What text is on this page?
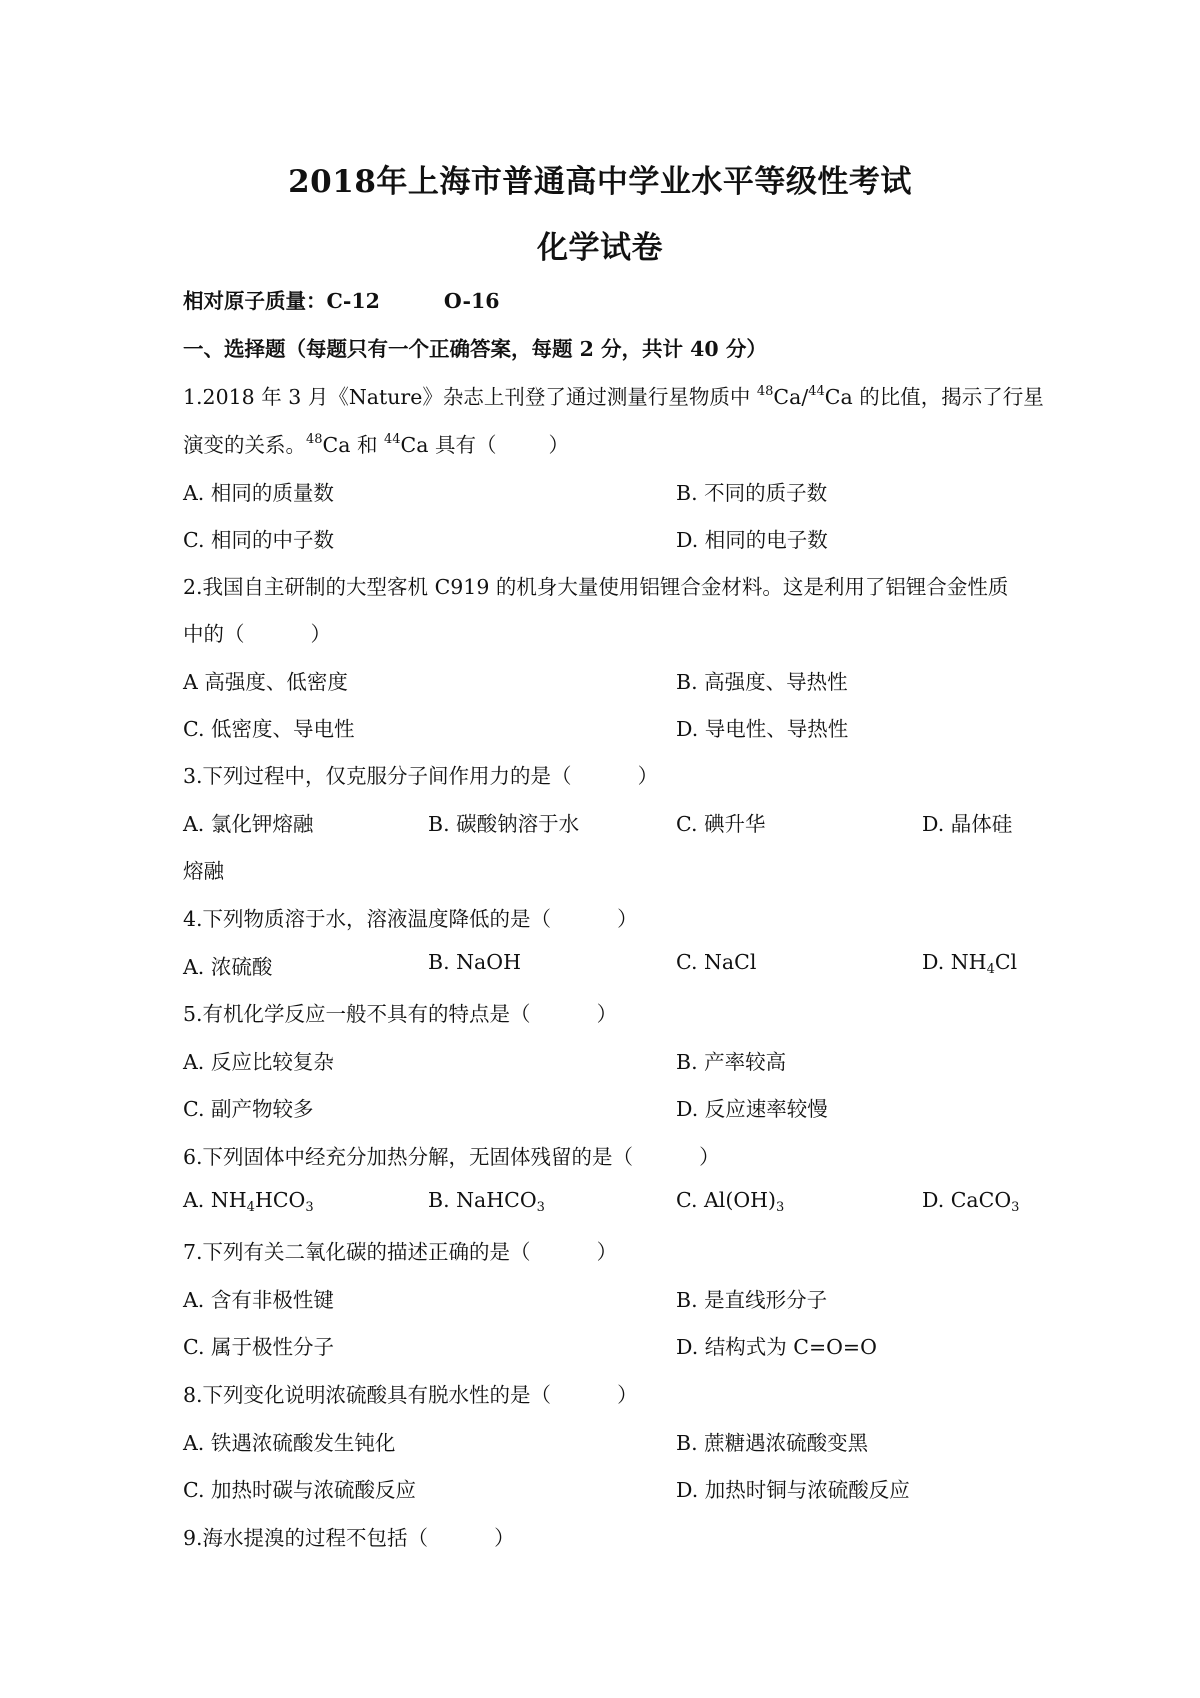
2018年上海市普通高中学业水平等级性考试
化学试卷
相对原子质量：C-12	O-16
一、选择题（每题只有一个正确答案，每题 2 分，共计 40 分）
1.2018 年 3 月《Nature》杂志上刊登了通过测量行星物质中 $^{48}$Ca/$^{44}$Ca 的比值，揭示了行星
演变的关系。$^{48}$Ca 和 $^{44}$Ca 具有（	）
A. 相同的质量数	B. 不同的质子数
C. 相同的中子数	D. 相同的电子数
2.我国自主研制的大型客机 C919 的机身大量使用铝锂合金材料。这是利用了铝锂合金性质
中的（	）
A 高强度、低密度	B. 高强度、导热性
C. 低密度、导电性	D. 导电性、导热性
3.下列过程中，仅克服分子间作用力的是（	）
A. 氯化钾熔融	B. 碳酸钠溶于水	C. 碘升华	D. 晶体硅
熔融
4.下列物质溶于水，溶液温度降低的是（	）
A. 浓硫酸	B. NaOH	C. NaCl	D. $NH_4Cl$
5.有机化学反应一般不具有的特点是（	）
A. 反应比较复杂	B. 产率较高
C. 副产物较多	D. 反应速率较慢
6.下列固体中经充分加热分解，无固体残留的是（	）
A. $NH_4HCO_3$	B. NaHCO$_3$	C. $Al(OH)_3$	D. CaCO$_3$
7.下列有关二氧化碳的描述正确的是（	）
A. 含有非极性键	B. 是直线形分子
C. 属于极性分子	D. 结构式为 C=O=O
8.下列变化说明浓硫酸具有脱水性的是（	）
A. 铁遇浓硫酸发生钝化	B. 蔗糖遇浓硫酸变黑
C. 加热时碳与浓硫酸反应	D. 加热时铜与浓硫酸反应
9.海水提溴的过程不包括（	）
